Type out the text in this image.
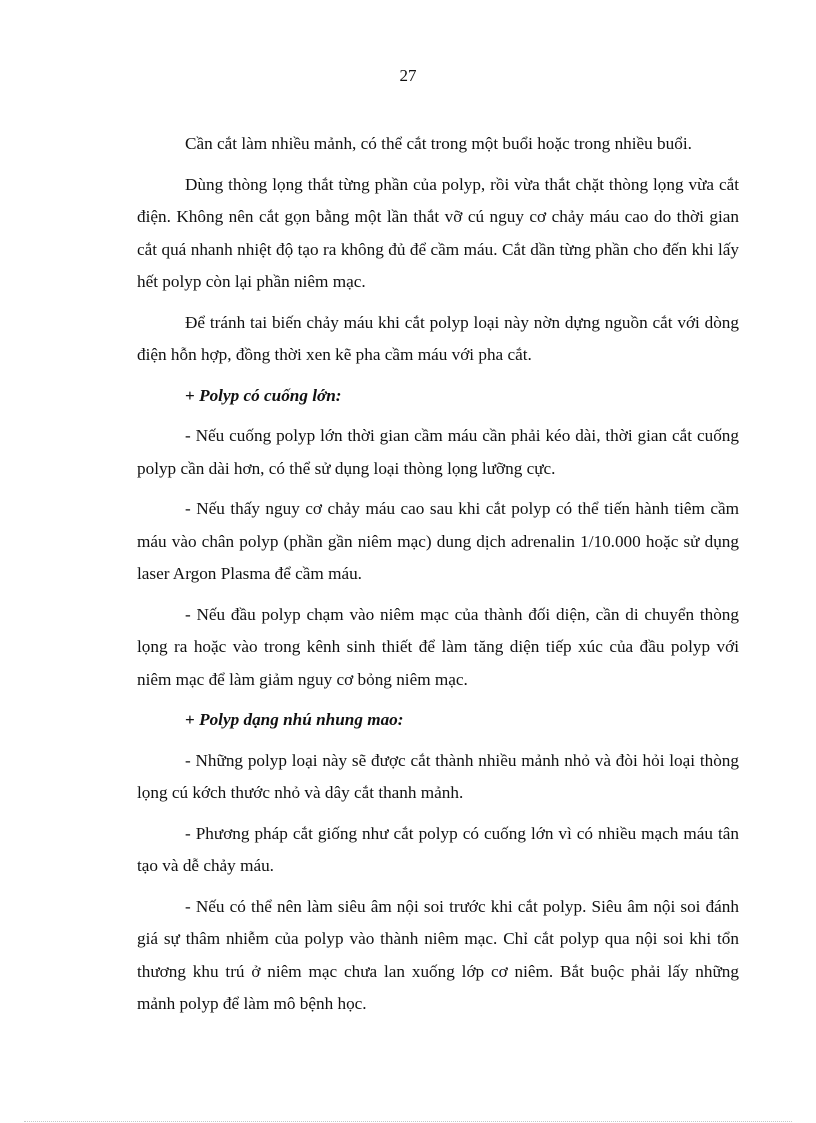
27

Cần cắt làm nhiều mảnh, có thể cắt trong một buổi hoặc trong nhiều buổi.

Dùng thòng lọng thắt từng phần của polyp, rồi vừa thắt chặt thòng lọng vừa cắt điện. Không nên cắt gọn bằng một lần thắt vỡ cú nguy cơ chảy máu cao do thời gian cắt quá nhanh nhiệt độ tạo ra không đủ để cầm máu. Cắt dần từng phần cho đến khi lấy hết polyp còn lại phần niêm mạc.

Để tránh tai biến chảy máu khi cắt polyp loại này nờn dựng nguồn cắt với dòng điện hỗn hợp, đồng thời xen kẽ pha cầm máu với pha cắt.

+ Polyp có cuống lớn:

- Nếu cuống polyp lớn thời gian cầm máu cần phải kéo dài, thời gian cắt cuống polyp cần dài hơn, có thể sử dụng loại thòng lọng lưỡng cực.

- Nếu thấy nguy cơ chảy máu cao sau khi cắt polyp có thể tiến hành tiêm cầm máu vào chân polyp (phần gần niêm mạc) dung dịch adrenalin 1/10.000 hoặc sử dụng laser Argon Plasma để cầm máu.

- Nếu đầu polyp chạm vào niêm mạc của thành đối diện, cần di chuyển thòng lọng ra hoặc vào trong kênh sinh thiết để làm tăng diện tiếp xúc của đầu polyp với niêm mạc để làm giảm nguy cơ bỏng niêm mạc.

+ Polyp dạng nhú nhung mao:

- Những polyp loại này sẽ được cắt thành nhiều mảnh nhỏ và đòi hỏi loại thòng lọng cú kớch thước nhỏ và dây cắt thanh mảnh.

- Phương pháp cắt giống như cắt polyp có cuống lớn vì có nhiều mạch máu tân tạo và dễ chảy máu.

- Nếu có thể nên làm siêu âm nội soi trước khi cắt polyp. Siêu âm nội soi đánh giá sự thâm nhiễm của polyp vào thành niêm mạc. Chỉ cắt polyp qua nội soi khi tổn thương khu trú ở niêm mạc chưa lan xuống lớp cơ niêm. Bắt buộc phải lấy những mảnh polyp để làm mô bệnh học.
